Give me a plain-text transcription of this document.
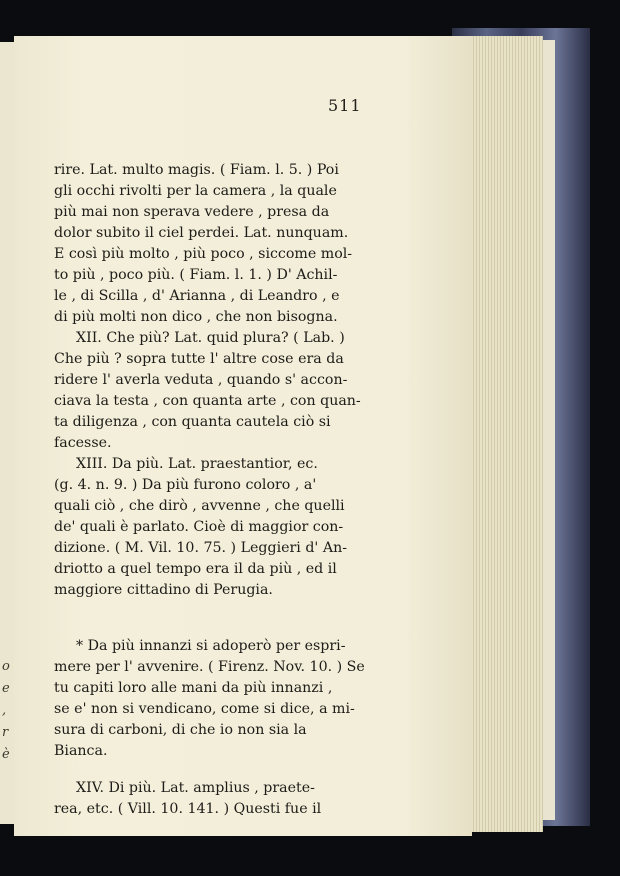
o
e
,
r
è
rire. Lat. multo magis. ( Fiam. l. 5. ) Poi
gli occhi rivolti per la camera , la quale
più mai non sperava vedere , presa da
dolor subito il ciel perdei. Lat. nunquam.
E così più molto , più poco , siccome mol-
to più , poco più. ( Fiam. l. 1. ) D' Achil-
le , di Scilla , d' Arianna , di Leandro , e
di più molti non dico , che non bisogna.
XII. Che più? Lat. quid plura? ( Lab. )
Che più ? sopra tutte l' altre cose era da
ridere l' averla veduta , quando s' accon-
ciava la testa , con quanta arte , con quan-
ta diligenza , con quanta cautela ciò si
facesse.
XIII. Da più. Lat. praestantior, ec.
(g. 4. n. 9. ) Da più furono coloro , a'
quali ciò , che dirò , avvenne , che quelli
de' quali è parlato. Cioè di maggior con-
dizione. ( M. Vil. 10. 75. ) Leggieri d' An-
driotto a quel tempo era il da più , ed il
maggiore cittadino di Perugia.
* Da più innanzi si adoperò per espri-
mere per l' avvenire. ( Firenz. Nov. 10. ) Se
tu capiti loro alle mani da più innanzi ,
se e' non si vendicano, come si dice, a mi-
sura di carboni, di che io non sia la
Bianca.
XIV. Di più. Lat. amplius , praete-
rea, etc. ( Vill. 10. 141. ) Questi fue il
511
